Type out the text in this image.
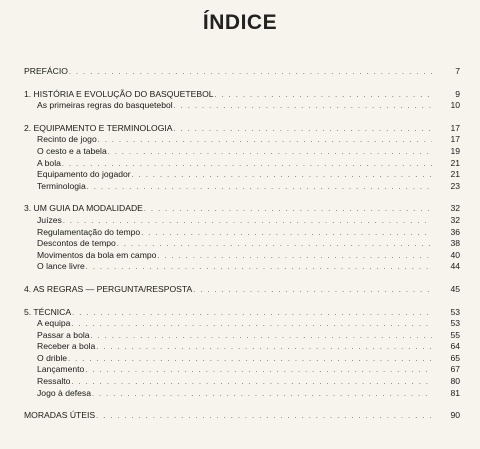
ÍNDICE
PREFÁCIO . . .	7
1. HISTÓRIA E EVOLUÇÃO DO BASQUETEBOL . . .	9
As primeiras regras do basquetebol . . .	10
2. EQUIPAMENTO E TERMINOLOGIA . . .	17
Recinto de jogo . . .	17
O cesto e a tabela . . .	19
A bola . . .	21
Equipamento do jogador . . .	21
Terminologia . . .	23
3. UM GUIA DA MODALIDADE . . .	32
Juízes . . .	32
Regulamentação do tempo . . .	36
Descontos de tempo . . .	38
Movimentos da bola em campo . . .	40
O lance livre . . .	44
4. AS REGRAS — PERGUNTA/RESPOSTA . . .	45
5. TÉCNICA . . .	53
A equipa . . .	53
Passar a bola . . .	55
Receber a bola . . .	64
O drible . . .	65
Lançamento . . .	67
Ressalto . . .	80
Jogo à defesa . . .	81
MORADAS ÚTEIS . . .	90
